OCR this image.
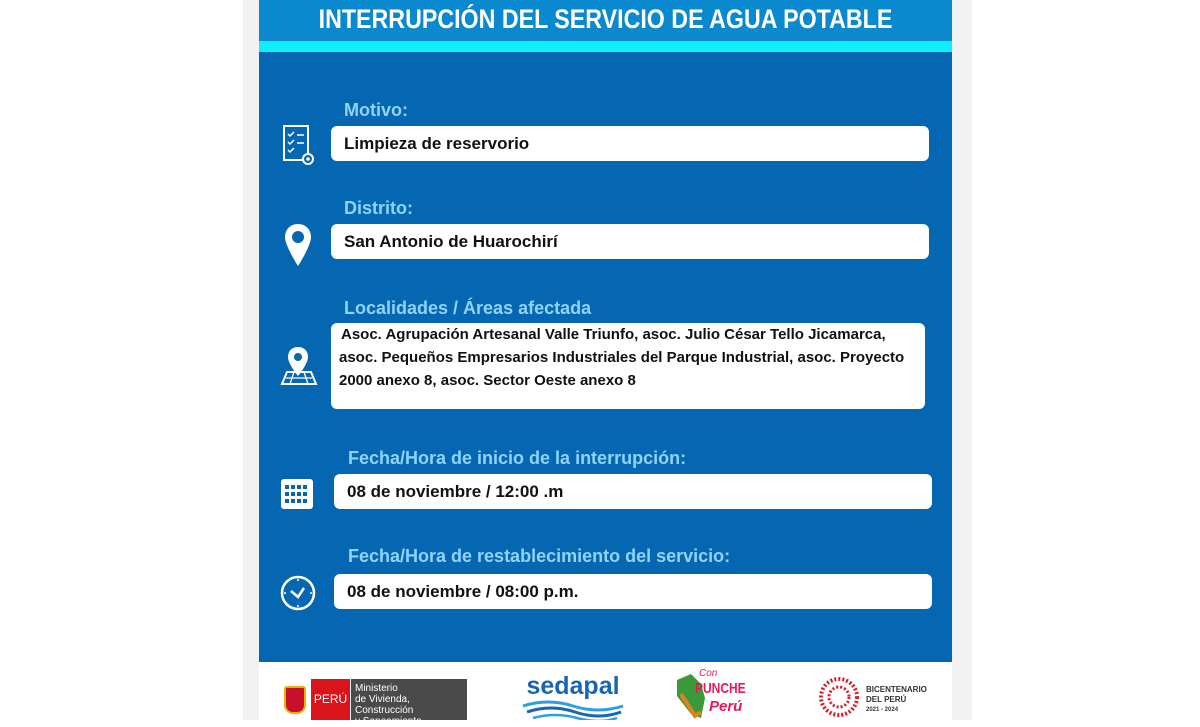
INTERRUPCIÓN DEL SERVICIO DE AGUA POTABLE
Motivo:
Limpieza de reservorio
Distrito:
San Antonio de Huarochirí
Localidades / Áreas afectada
Asoc. Agrupación Artesanal Valle Triunfo, asoc. Julio César Tello Jicamarca,
asoc. Pequeños Empresarios Industriales del Parque Industrial, asoc. Proyecto
2000 anexo 8, asoc. Sector Oeste anexo 8
Fecha/Hora de inicio de la interrupción:
08 de noviembre / 12:00 .m
Fecha/Hora de restablecimiento del servicio:
08 de noviembre / 08:00 p.m.
PERÚ
Ministerio
de Vivienda, Construcción
y Saneamiento
sedapal	Con
PUNCHE
Perú
BICENTENARIO
DEL PERÚ
2021 - 2024
